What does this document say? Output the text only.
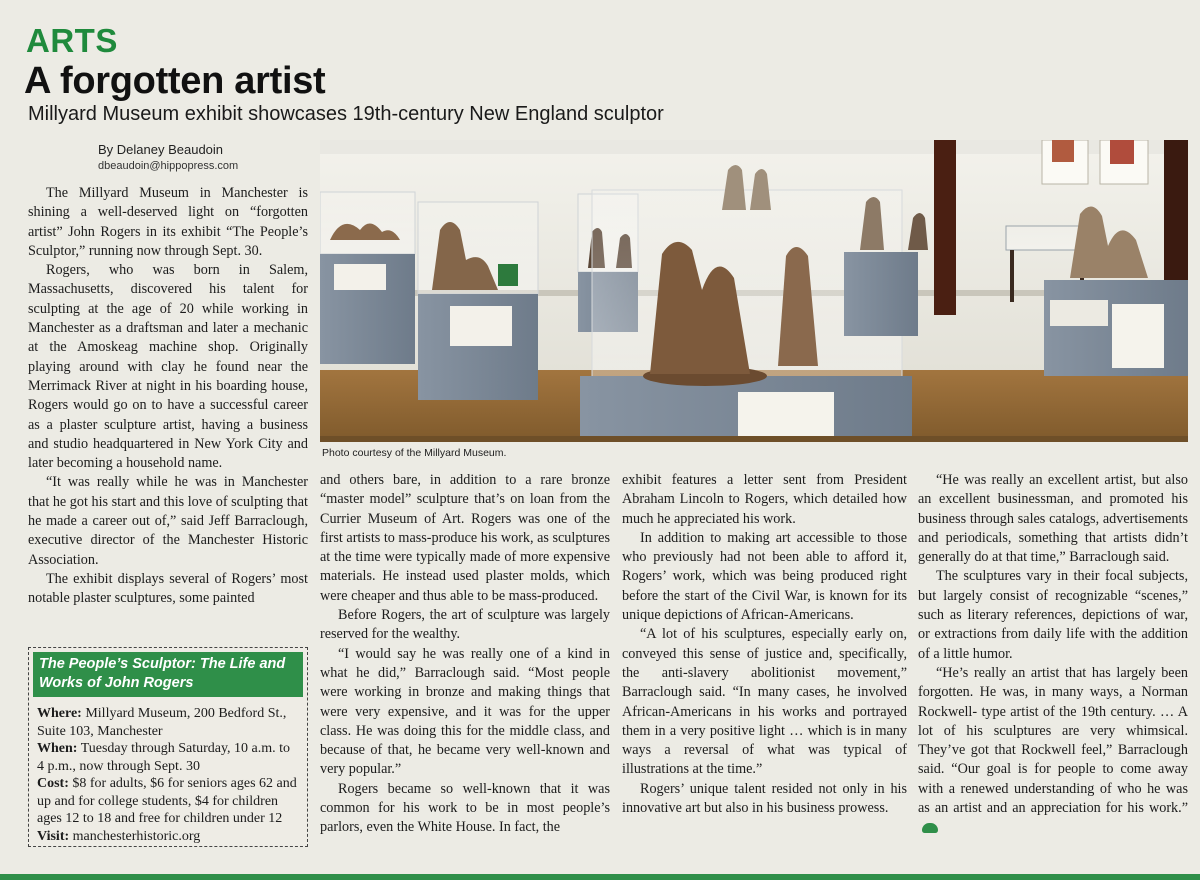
ARTS
A forgotten artist
Millyard Museum exhibit showcases 19th-century New England sculptor
By Delaney Beaudoin
dbeaudoin@hippopress.com

The Millyard Museum in Manchester is shining a well-deserved light on “forgotten artist” John Rogers in its exhibit “The People’s Sculptor,” running now through Sept. 30.

Rogers, who was born in Salem, Massachusetts, discovered his talent for sculpting at the age of 20 while working in Manchester as a draftsman and later a mechanic at the Amoskeag machine shop. Originally playing around with clay he found near the Merrimack River at night in his boarding house, Rogers would go on to have a successful career as a plaster sculpture artist, having a business and studio headquartered in New York City and later becoming a household name.

“It was really while he was in Manchester that he got his start and this love of sculpting that he made a career out of,” said Jeff Barraclough, executive director of the Manchester Historic Association.

The exhibit displays several of Rogers’ most notable plaster sculptures, some painted

Photo courtesy of the Millyard Museum.

and others bare, in addition to a rare bronze “master model” sculpture that’s on loan from the Currier Museum of Art. Rogers was one of the first artists to mass-produce his work, as sculptures at the time were typically made of more expensive materials. He instead used plaster molds, which were cheaper and thus able to be mass-produced.

Before Rogers, the art of sculpture was largely reserved for the wealthy.

“I would say he was really one of a kind in what he did,” Barraclough said. “Most people were working in bronze and making things that were very expensive, and it was for the upper class. He was doing this for the middle class, and because of that, he became very well-known and very popular.”

Rogers became so well-known that it was common for his work to be in most people’s parlors, even the White House. In fact, the

exhibit features a letter sent from President Abraham Lincoln to Rogers, which detailed how much he appreciated his work.

In addition to making art accessible to those who previously had not been able to afford it, Rogers’ work, which was being produced right before the start of the Civil War, is known for its unique depictions of African-Americans.

“A lot of his sculptures, especially early on, conveyed this sense of justice and, specifically, the anti-slavery abolitionist movement,” Barraclough said. “In many cases, he involved African-Americans in his works and portrayed them in a very positive light … which is in many ways a reversal of what was typical of illustrations at the time.”

Rogers’ unique talent resided not only in his innovative art but also in his business prowess.

“He was really an excellent artist, but also an excellent businessman, and promoted his business through sales catalogs, advertisements and periodicals, something that artists didn’t generally do at that time,” Barraclough said.

The sculptures vary in their focal subjects, but largely consist of recognizable “scenes,” such as literary references, depictions of war, or extractions from daily life with the addition of a little humor.

“He’s really an artist that has largely been forgotten. He was, in many ways, a Norman Rockwell- type artist of the 19th century. … A lot of his sculptures are very whimsical. They’ve got that Rockwell feel,” Barraclough said. “Our goal is for people to come away with a renewed understanding of who he was as an artist and an appreciation for his work.”

The People’s Sculptor: The Life and Works of John Rogers
Where: Millyard Museum, 200 Bedford St., Suite 103, Manchester
When: Tuesday through Saturday, 10 a.m. to 4 p.m., now through Sept. 30
Cost: $8 for adults, $6 for seniors ages 62 and up and for college students, $4 for children ages 12 to 18 and free for children under 12
Visit: manchesterhistoric.org
